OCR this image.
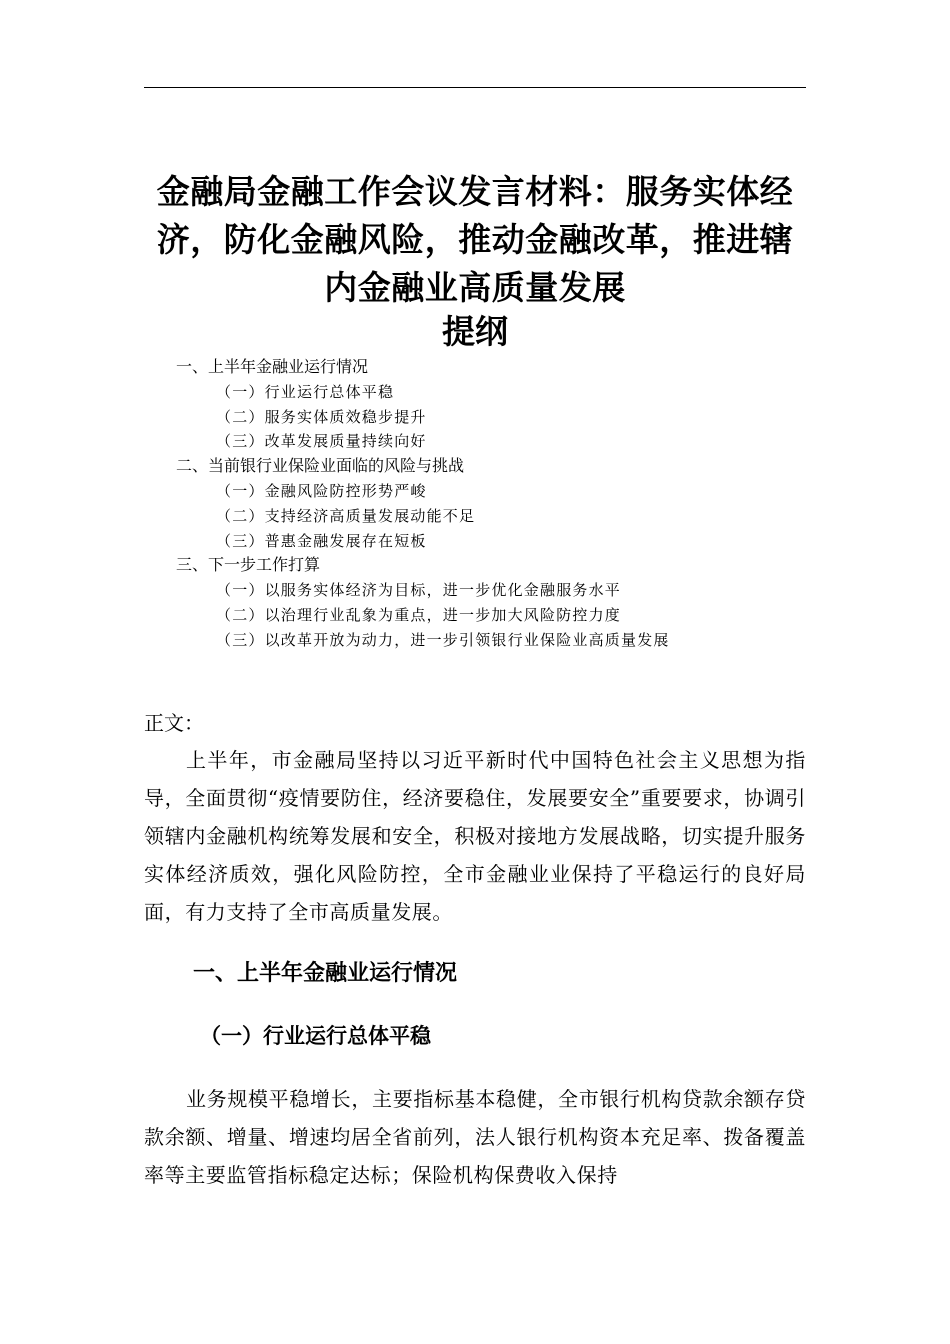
金融局金融工作会议发言材料：服务实体经济，防化金融风险，推动金融改革，推进辖内金融业高质量发展
提纲
一、上半年金融业运行情况
（一）行业运行总体平稳
（二）服务实体质效稳步提升
（三）改革发展质量持续向好
二、当前银行业保险业面临的风险与挑战
（一）金融风险防控形势严峻
（二）支持经济高质量发展动能不足
（三）普惠金融发展存在短板
三、下一步工作打算
（一）以服务实体经济为目标，进一步优化金融服务水平
（二）以治理行业乱象为重点，进一步加大风险防控力度
（三）以改革开放为动力，进一步引领银行业保险业高质量发展
正文：

上半年，市金融局坚持以习近平新时代中国特色社会主义思想为指导，全面贯彻“疫情要防住，经济要稳住，发展要安全”重要要求，协调引领辖内金融机构统筹发展和安全，积极对接地方发展战略，切实提升服务实体经济质效，强化风险防控，全市金融业业保持了平稳运行的良好局面，有力支持了全市高质量发展。

一、上半年金融业运行情况
（一）行业运行总体平稳

业务规模平稳增长，主要指标基本稳健，全市银行机构贷款余额存贷款余额、增量、增速均居全省前列，法人银行机构资本充足率、拨备覆盖率等主要监管指标稳定达标；保险机构保费收入保持
